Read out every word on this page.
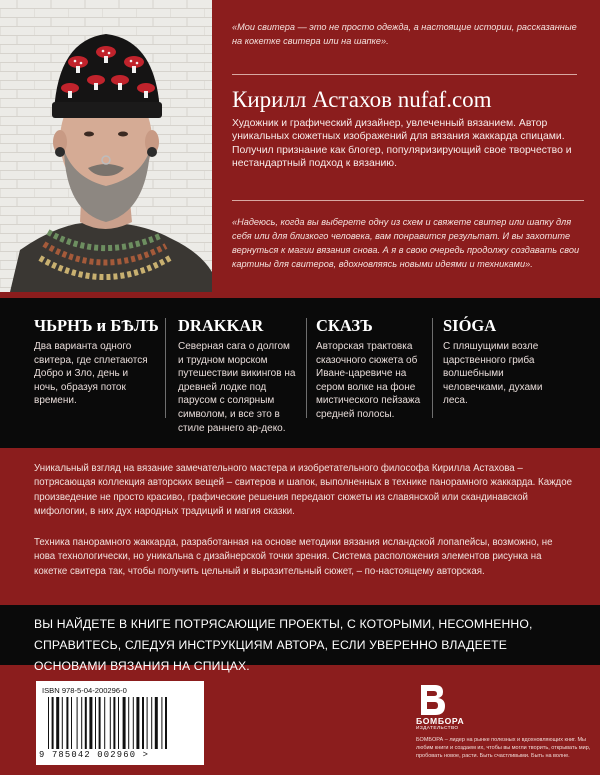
«Мои свитера — это не просто одежда, а настоящие истории, рассказанные на кокетке свитера или на шапке».
Кирилл Астахов nufaf.com
Художник и графический дизайнер, увлеченный вязанием. Автор уникальных сюжетных изображений для вязания жаккарда спицами. Получил признание как блогер, популяризирующий свое творчество и нестандартный подход к вязанию.
«Надеюсь, когда вы выберете одну из схем и свяжете свитер или шапку для себя или для близкого человека, вам понравится результат. И вы захотите вернуться к магии вязания снова. А я в свою очередь продолжу создавать свои картины для свитеров, вдохновляясь новыми идеями и техниками».
ЧЬРНЪ и БѢЛЪ
Два варианта одного свитера, где сплетаются Добро и Зло, день и ночь, образуя поток времени.
DRAKKAR
Северная сага о долгом и трудном морском путешествии викингов на древней лодке под парусом с солярным символом, и все это в стиле раннего ар-деко.
СКАЗЪ
Авторская трактовка сказочного сюжета об Иване-царевиче на сером волке на фоне мистического пейзажа средней полосы.
SIÓGA
С пляшущими возле царственного гриба волшебными человечками, духами леса.
Уникальный взгляд на вязание замечательного мастера и изобретательного философа Кирилла Астахова – потрясающая коллекция авторских вещей – свитеров и шапок, выполненных в технике панорамного жаккарда. Каждое произведение не просто красиво, графические решения передают сюжеты из славянской или скандинавской мифологии, в них дух народных традиций и магия сказки.
Техника панорамного жаккарда, разработанная на основе методики вязания исландской лопапейсы, возможно, не нова технологически, но уникальна с дизайнерской точки зрения. Система расположения элементов рисунка на кокетке свитера так, чтобы получить цельный и выразительный сюжет, – по-настоящему авторская.
ВЫ НАЙДЕТЕ В КНИГЕ ПОТРЯСАЮЩИЕ ПРОЕКТЫ, С КОТОРЫМИ, НЕСОМНЕННО, СПРАВИТЕСЬ, СЛЕДУЯ ИНСТРУКЦИЯМ АВТОРА, ЕСЛИ УВЕРЕННО ВЛАДЕЕТЕ ОСНОВАМИ ВЯЗАНИЯ НА СПИЦАХ.
ISBN 978-5-04-200296-0
9 785042 002960 >
БОМБОРА
ИЗДАТЕЛЬСТВО
БОМБОРА – лидер на рынке полезных и вдохновляющих книг. Мы любим книги и создаем их, чтобы вы могли творить, открывать мир, пробовать новое, расти. Быть счастливыми. Быть на волне.
